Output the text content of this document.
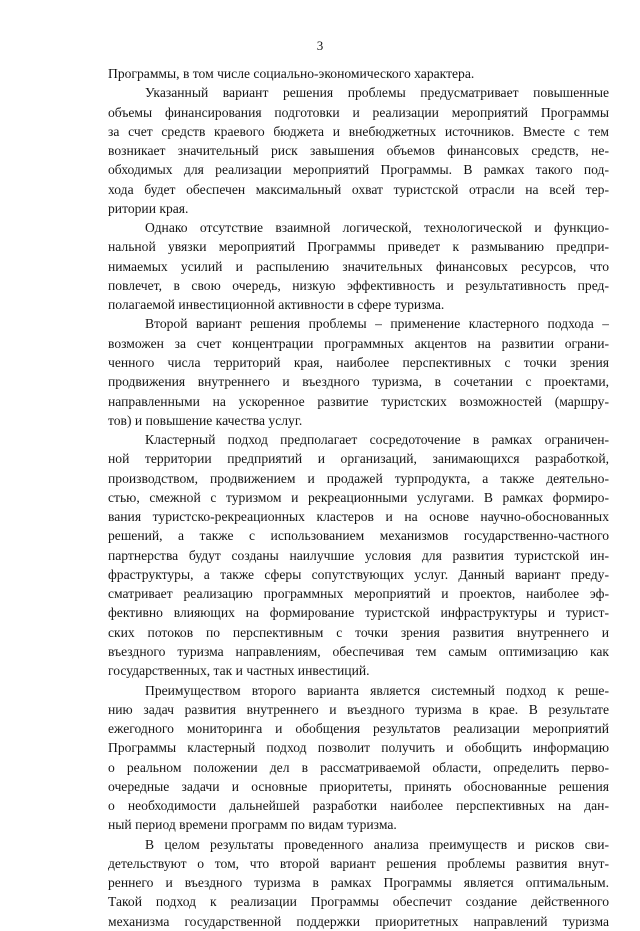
3
Программы, в том числе социально-экономического характера.
Указанный вариант решения проблемы предусматривает повышенные
объемы финансирования подготовки и реализации мероприятий Программы
за счет средств краевого бюджета и внебюджетных источников. Вместе с тем
возникает значительный риск завышения объемов финансовых средств, не-
обходимых для реализации мероприятий Программы. В рамках такого под-
хода будет обеспечен максимальный охват туристской отрасли на всей тер-
ритории края.
Однако отсутствие взаимной логической, технологической и функцио-
нальной увязки мероприятий Программы приведет к размыванию предпри-
нимаемых усилий и распылению значительных финансовых ресурсов, что
повлечет, в свою очередь, низкую эффективность и результативность пред-
полагаемой инвестиционной активности в сфере туризма.
Второй вариант решения проблемы – применение кластерного подхода –
возможен за счет концентрации программных акцентов на развитии ограни-
ченного числа территорий края, наиболее перспективных с точки зрения
продвижения внутреннего и въездного туризма, в сочетании с проектами,
направленными на ускоренное развитие туристских возможностей (маршру-
тов) и повышение качества услуг.
Кластерный подход предполагает сосредоточение в рамках ограничен-
ной территории предприятий и организаций, занимающихся разработкой,
производством, продвижением и продажей турпродукта, а также деятельно-
стью, смежной с туризмом и рекреационными услугами. В рамках формиро-
вания туристско-рекреационных кластеров и на основе научно-обоснованных
решений, а также с использованием механизмов государственно-частного
партнерства будут созданы наилучшие условия для развития туристской ин-
фраструктуры, а также сферы сопутствующих услуг. Данный вариант преду-
сматривает реализацию программных мероприятий и проектов, наиболее эф-
фективно влияющих на формирование туристской инфраструктуры и турист-
ских потоков по перспективным с точки зрения развития внутреннего и
въездного туризма направлениям, обеспечивая тем самым оптимизацию как
государственных, так и частных инвестиций.
Преимуществом второго варианта является системный подход к реше-
нию задач развития внутреннего и въездного туризма в крае. В результате
ежегодного мониторинга и обобщения результатов реализации мероприятий
Программы кластерный подход позволит получить и обобщить информацию
о реальном положении дел в рассматриваемой области, определить перво-
очередные задачи и основные приоритеты, принять обоснованные решения
о необходимости дальнейшей разработки наиболее перспективных на дан-
ный период времени программ по видам туризма.
В целом результаты проведенного анализа преимуществ и рисков сви-
детельствуют о том, что второй вариант решения проблемы развития внут-
реннего и въездного туризма в рамках Программы является оптимальным.
Такой подход к реализации Программы обеспечит создание действенного
механизма государственной поддержки приоритетных направлений туризма
